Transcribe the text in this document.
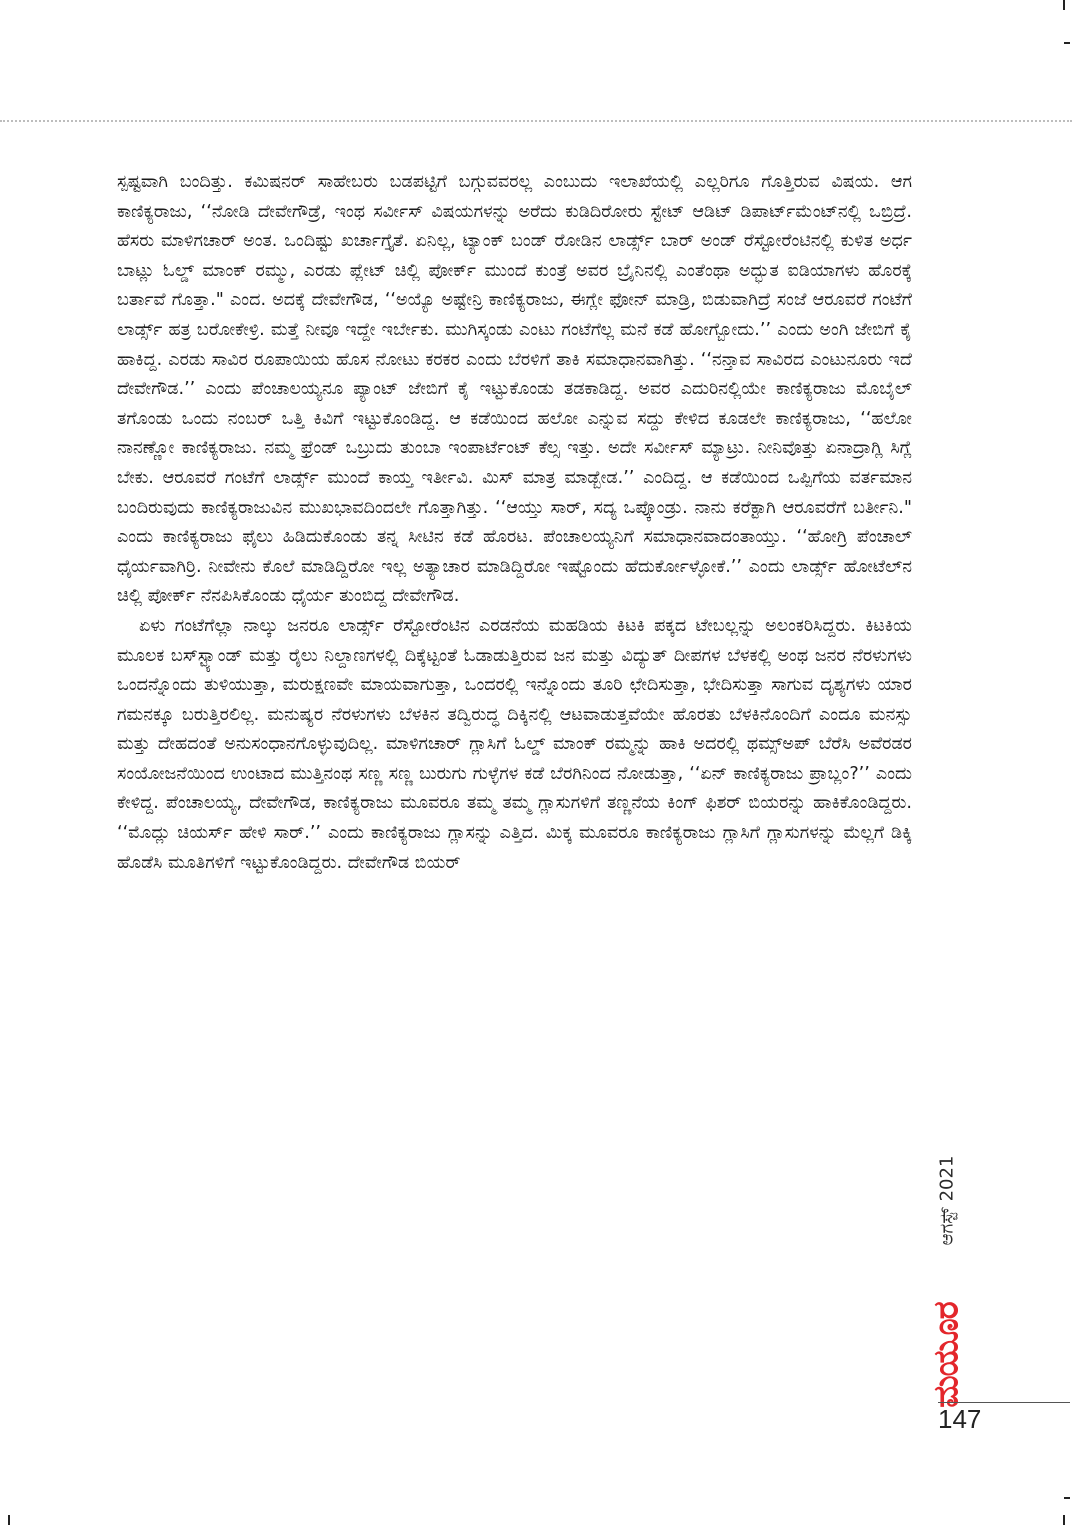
ಸ್ಪಷ್ಟವಾಗಿ ಬಂದಿತ್ತು. ಕಮಿಷನರ್ ಸಾಹೇಬರು ಬಡಪಟ್ಟಿಗೆ ಬಗ್ಗುವವರಲ್ಲ ಎಂಬುದು ಇಲಾಖೆಯಲ್ಲಿ ಎಲ್ಲರಿಗೂ ಗೊತ್ತಿರುವ ವಿಷಯ. ಆಗ ಕಾಣಿಕ್ಯರಾಜು, ‘‘ನೋಡಿ ದೇವೇಗೌಡ್ರೆ, ಇಂಥ ಸರ್ವೀಸ್ ವಿಷಯಗಳನ್ನು ಅರೆದು ಕುಡಿದಿರೋರು ಸ್ಟೇಟ್ ಆಡಿಟ್ ಡಿಪಾರ್ಟ್‌ಮೆಂಟ್‌ನಲ್ಲಿ ಒಬ್ರಿದ್ರೆ. ಹೆಸರು ಮಾಳಿಗಚಾರ್ ಅಂತ. ಒಂದಿಷ್ಟು ಖರ್ಚಾಗ್ತೈತೆ. ಏನಿಲ್ಲ, ಟ್ಯಾಂಕ್ ಬಂಡ್ ರೋಡಿನ ಲಾರ್ಡ್ಸ್ ಬಾರ್ ಅಂಡ್ ರೆಸ್ಟೋರೆಂಟಿನಲ್ಲಿ ಕುಳಿತ ಅರ್ಧ ಬಾಟ್ಲು ಓಲ್ಡ್ ಮಾಂಕ್ ರಮ್ಮು, ಎರಡು ಪ್ಲೇಟ್ ಚಿಲ್ಲಿ ಪೋರ್ಕ್ ಮುಂದೆ ಕುಂತ್ರೆ ಅವರ ಬ್ರೈನಿನಲ್ಲಿ ಎಂತೆಂಥಾ ಅದ್ಭುತ ಐಡಿಯಾಗಳು ಹೊರಕ್ಕೆ ಬರ್ತಾವೆ ಗೊತ್ತಾ." ಎಂದ. ಅದಕ್ಕೆ ದೇವೇಗೌಡ, ‘‘ಅಯ್ಯೊ ಅಷ್ಟೇನ್ರಿ ಕಾಣಿಕ್ಯರಾಜು, ಈಗ್ಲೇ ಫೋನ್ ಮಾಡ್ರಿ, ಬಿಡುವಾಗಿದ್ರೆ ಸಂಜೆ ಆರೂವರೆ ಗಂಟೆಗೆ ಲಾರ್ಡ್ಸ್ ಹತ್ರ ಬರೋಕೇಳ್ರಿ. ಮತ್ತೆ ನೀವೂ ಇದ್ದೇ ಇರ್ಬೇಕು. ಮುಗಿಸ್ಕಂಡು ಎಂಟು ಗಂಟೆಗೆಲ್ಲ ಮನೆ ಕಡೆ ಹೋಗ್ಬೋದು.’’ ಎಂದು ಅಂಗಿ ಜೇಬಿಗೆ ಕೈ ಹಾಕಿದ್ದ. ಎರಡು ಸಾವಿರ ರೂಪಾಯಿಯ ಹೊಸ ನೋಟು ಕರಕರ ಎಂದು ಬೆರಳಿಗೆ ತಾಕಿ ಸಮಾಧಾನವಾಗಿತ್ತು. ‘‘ನನ್ತಾವ ಸಾವಿರದ ಎಂಟುನೂರು ಇದೆ ದೇವೇಗೌಡ.’’ ಎಂದು ಪೆಂಚಾಲಯ್ಯನೂ ಪ್ಯಾಂಟ್ ಜೇಬಿಗೆ ಕೈ ಇಟ್ಟುಕೊಂಡು ತಡಕಾಡಿದ್ದ. ಅವರ ಎದುರಿನಲ್ಲಿಯೇ ಕಾಣಿಕ್ಯರಾಜು ಮೊಬೈಲ್ ತಗೊಂಡು ಒಂದು ನಂಬರ್ ಒತ್ತಿ ಕಿವಿಗೆ ಇಟ್ಟುಕೊಂಡಿದ್ದ. ಆ ಕಡೆಯಿಂದ ಹಲೋ ಎನ್ನುವ ಸದ್ದು ಕೇಳಿದ ಕೂಡಲೇ ಕಾಣಿಕ್ಯರಾಜು, ‘‘ಹಲೋ ನಾನಣ್ಣೋ ಕಾಣಿಕ್ಯರಾಜು. ನಮ್ಮ ಫ್ರೆಂಡ್ ಒಬ್ರುದು ತುಂಬಾ ಇಂಪಾರ್ಟೆಂಟ್ ಕೆಲ್ಸ ಇತ್ತು. ಅದೇ ಸರ್ವೀಸ್ ಮ್ಯಾಟ್ರು. ನೀನಿವೊತ್ತು ಏನಾದ್ರಾಗ್ಲಿ ಸಿಗ್ಲೆ ಬೇಕು. ಆರೂವರೆ ಗಂಟೆಗೆ ಲಾರ್ಡ್ಸ್ ಮುಂದೆ ಕಾಯ್ತ ಇರ್ತೀವಿ. ಮಿಸ್ ಮಾತ್ರ ಮಾಡ್ಬೇಡ.’’ ಎಂದಿದ್ದ. ಆ ಕಡೆಯಿಂದ ಒಪ್ಪಿಗೆಯ ವರ್ತಮಾನ ಬಂದಿರುವುದು ಕಾಣಿಕ್ಯರಾಜುವಿನ ಮುಖಭಾವದಿಂದಲೇ ಗೊತ್ತಾಗಿತ್ತು. ‘‘ಆಯ್ತು ಸಾರ್, ಸದ್ಯ ಒಪ್ಕೊಂಡ್ರು. ನಾನು ಕರೆಕ್ಟಾಗಿ ಆರೂವರೆಗೆ ಬರ್ತೀನಿ." ಎಂದು ಕಾಣಿಕ್ಯರಾಜು ಫೈಲು ಹಿಡಿದುಕೊಂಡು ತನ್ನ ಸೀಟಿನ ಕಡೆ ಹೊರಟ. ಪೆಂಚಾಲಯ್ಯನಿಗೆ ಸಮಾಧಾನವಾದಂತಾಯ್ತು. ‘‘ಹೋಗ್ರಿ ಪೆಂಚಾಲ್ ಧೈರ್ಯವಾಗಿರ್ರಿ. ನೀವೇನು ಕೊಲೆ ಮಾಡಿದ್ದಿರೋ ಇಲ್ಲ ಅತ್ಯಾಚಾರ ಮಾಡಿದ್ದಿರೋ ಇಷ್ಟೊಂದು ಹೆದುರ್ಕೋಳ್ಳೋಕೆ.’’ ಎಂದು ಲಾರ್ಡ್ಸ್ ಹೋಟೆಲ್‌ನ ಚಿಲ್ಲಿ ಪೋರ್ಕ್ ನೆನಪಿಸಿಕೊಂಡು ಧೈರ್ಯ ತುಂಬಿದ್ದ ದೇವೇಗೌಡ.

ಏಳು ಗಂಟೆಗೆಲ್ಲಾ ನಾಲ್ಕು ಜನರೂ ಲಾರ್ಡ್ಸ್ ರೆಸ್ಟೋರೆಂಟಿನ ಎರಡನೆಯ ಮಹಡಿಯ ಕಿಟಕಿ ಪಕ್ಕದ ಟೇಬಲ್ಲನ್ನು ಅಲಂಕರಿಸಿದ್ದರು. ಕಿಟಕಿಯ ಮೂಲಕ ಬಸ್‌ಸ್ಟ್ಯಾಂಡ್ ಮತ್ತು ರೈಲು ನಿಲ್ದಾಣಗಳಲ್ಲಿ ದಿಕ್ಕೆಟ್ಟಂತೆ ಓಡಾಡುತ್ತಿರುವ ಜನ ಮತ್ತು ವಿದ್ಯುತ್ ದೀಪಗಳ ಬೆಳಕಲ್ಲಿ ಅಂಥ ಜನರ ನೆರಳುಗಳು ಒಂದನ್ನೊಂದು ತುಳಿಯುತ್ತಾ, ಮರುಕ್ಷಣವೇ ಮಾಯವಾಗುತ್ತಾ, ಒಂದರಲ್ಲಿ ಇನ್ನೊಂದು ತೂರಿ ಛೇದಿಸುತ್ತಾ, ಭೇದಿಸುತ್ತಾ ಸಾಗುವ ದೃಶ್ಯಗಳು ಯಾರ ಗಮನಕ್ಕೂ ಬರುತ್ತಿರಲಿಲ್ಲ. ಮನುಷ್ಯರ ನೆರಳುಗಳು ಬೆಳಕಿನ ತದ್ವಿರುದ್ಧ ದಿಕ್ಕಿನಲ್ಲಿ ಆಟವಾಡುತ್ತವೆಯೇ ಹೊರತು ಬೆಳಕಿನೊಂದಿಗೆ ಎಂದೂ ಮನಸ್ಸು ಮತ್ತು ದೇಹದಂತೆ ಅನುಸಂಧಾನಗೊಳ್ಳುವುದಿಲ್ಲ. ಮಾಳಿಗಚಾರ್ ಗ್ಲಾಸಿಗೆ ಓಲ್ಡ್ ಮಾಂಕ್ ರಮ್ಮನ್ನು ಹಾಕಿ ಅದರಲ್ಲಿ ಥಮ್ಸ್‌ಅಪ್ ಬೆರೆಸಿ ಅವೆರಡರ ಸಂಯೋಜನೆಯಿಂದ ಉಂಟಾದ ಮುತ್ತಿನಂಥ ಸಣ್ಣ ಸಣ್ಣ ಬುರುಗು ಗುಳ್ಳೆಗಳ ಕಡೆ ಬೆರಗಿನಿಂದ ನೋಡುತ್ತಾ, ‘‘ಏನ್ ಕಾಣಿಕ್ಯರಾಜು ಪ್ರಾಬ್ಲಂ?’’ ಎಂದು ಕೇಳಿದ್ದ. ಪೆಂಚಾಲಯ್ಯ, ದೇವೇಗೌಡ, ಕಾಣಿಕ್ಯರಾಜು ಮೂವರೂ ತಮ್ಮ ತಮ್ಮ ಗ್ಲಾಸುಗಳಿಗೆ ತಣ್ಣನೆಯ ಕಿಂಗ್ ಫಿಶರ್ ಬಿಯರನ್ನು ಹಾಕಿಕೊಂಡಿದ್ದರು. ‘‘ಮೊದ್ಲು ಚಿಯರ್ಸ್ ಹೇಳಿ ಸಾರ್.’’ ಎಂದು ಕಾಣಿಕ್ಯರಾಜು ಗ್ಲಾಸನ್ನು ಎತ್ತಿದ. ಮಿಕ್ಕ ಮೂವರೂ ಕಾಣಿಕ್ಯರಾಜು ಗ್ಲಾಸಿಗೆ ಗ್ಲಾಸುಗಳನ್ನು ಮೆಲ್ಲಗೆ ಡಿಕ್ಕಿ ಹೊಡೆಸಿ ಮೂತಿಗಳಿಗೆ ಇಟ್ಟುಕೊಂಡಿದ್ದರು. ದೇವೇಗೌಡ ಬಿಯರ್

ಆಗಸ್ಟ್ 2021
ಮಯೂರ
147
